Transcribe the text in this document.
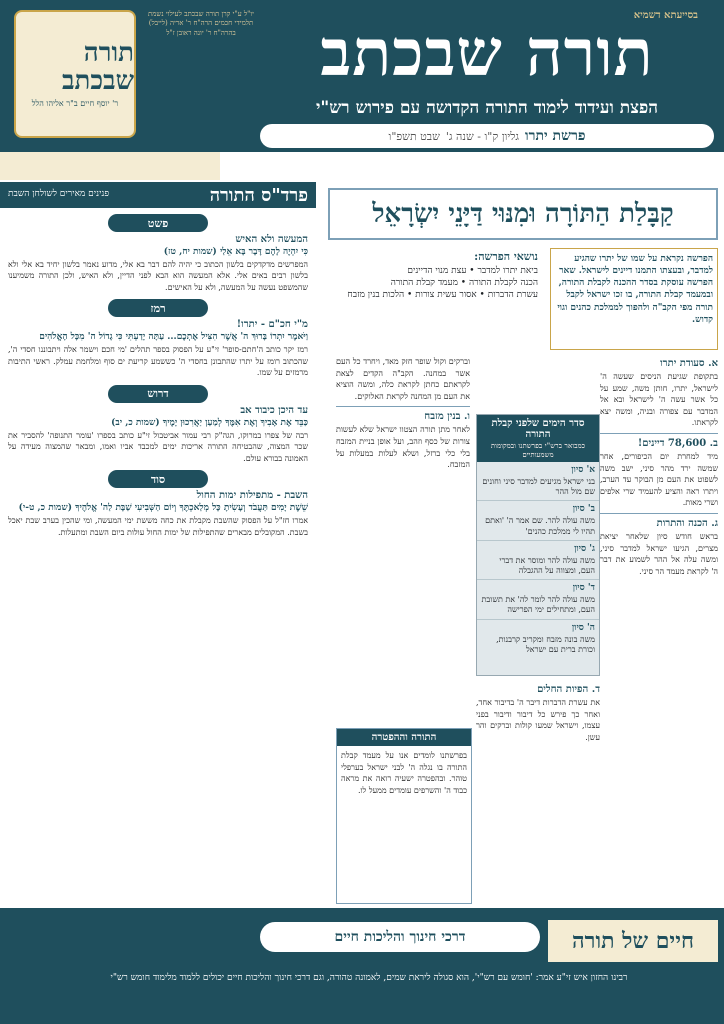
תורה שבכתב
ר' יוסף חיים ב"ר אליהו הלל
יו"ל ע"י קרן תורה שבכתב לעילוי נשמת תלמידי חכמים הרה"ח ר' אריה (לייבל) בהרה"ח ר' יונה ראובן ז"ל
בסייעתא דשמיא
תורה שבכתב
הפצת ועידוד לימוד התורה הקדושה עם פירוש רש"י
פרשת יתרו
גליון ק"ו - שנה ג'
שבט תשפ"ו
פרד"ס התורה
פנינים מאירים לשולחן השבת
פשט
המעשה ולא האיש
כִּי יִהְיֶה לָהֶם דָּבָר בָּא אֵלַי (שמות יח, טז)
המפרשים מדקדקים בלשון הכתוב כי יהיה להם דבר בא אלי, מדוע נאמר בלשון יחיד בא אלי ולא בלשון רבים באים אלי. אלא המעשה הוא הבא לפני הדיין, ולא האיש, ולכן התורה משמיענו שהמשפט נעשה על המעשה, ולא על האישים.
רמז
מ"י חכ"ם - יתרו!
וַיֹּאמֶר יִתְרוֹ בָּרוּךְ ה' אֲשֶׁר הִצִּיל אֶתְכֶם... עַתָּה יָדַעְתִּי כִּי גָדוֹל ה' מִכָּל הָאֱלֹהִים
רמז יקר כותב ה'חתם-סופר' זי"ע על הפסוק בספר תהלים 'מי חכם וישמר אלה ויתבוננו חסדי ה', שהכתוב רומז על יתרו שהתבונן בחסדי ה' כששמע קריעת ים סוף ומלחמת עמלק. ראשי התיבות מרמזים על שמו.
דרוש
עד היכן כיבוד אב
כַּבֵּד אֶת אָבִיךָ וְאֶת אִמֶּךָ לְמַעַן יַאֲרִכוּן יָמֶיךָ (שמות כ, יב)
רבה של צפרו במרוקו, הגה"ק רבי עמור אביטבול זי"ע כותב בספרו 'עומר התנופה' להסביר את שכר המצוה, שהבטיחה התורה אריכות ימים למכבד אביו ואמו, ומבאר שהמצוה מעידה על האמונה בבורא עולם.
סוד
השבת - מתפילות ימות החול
שֵׁשֶׁת יָמִים תַּעֲבֹד וְעָשִׂיתָ כָּל מְלַאכְתֶּךָ וְיוֹם הַשְּׁבִיעִי שַׁבָּת לַה' אֱלֹהֶיךָ (שמות כ, ט-י)
אמרו חז"ל על הפסוק שהשבת מקבלת את כחה מששת ימי המעשה, ומי שהכין בערב שבת יאכל בשבת. המקובלים מבארים שהתפילות של ימות החול עולות ביום השבת ומתעלות.
קַבָּלַת הַתּוֹרָה וּמִנּוּי דַּיָּנֵי יִשְׂרָאֵל
הפרשה נקראת על שמו של יתרו שהגיע למדבר, ובעצתו התמנו דיינים לישראל. שאר הפרשה עוסקת בסדר ההכנה לקבלת התורה, ובמעמד קבלת התורה, בו זכו ישראל לקבל תורה מפי הקב"ה ולהפוך לממלכת כהנים וגוי קדוש.
נושאי הפרשה:
ביאת יתרו למדבר • עצת מנוי הדיינים
הכנה לקבלת התורה • מעמד קבלת התורה
עשרת הדברות • אסור עשית צורות • הלכות בנין מזבח
א. סעודת יתרו
בתקופת שגיעת הניסים שעשה ה' לישראל, יתרו, חותן משה, שמע על כל אשר עשה ה' לישראל ובא אל המדבר עם צפורה ובניה, ומשה יצא לקראתו.
ב. 78,600 דיינים!
מיד למחרת יום הכיפורים, אחר שמשה ירד מהר סיני, ישב משה לשפוט את העם מן הבוקר עד הערב, ויתרו ראה והציע להעמיד שרי אלפים ושרי מאות.
ג. הכנה והתרות
בראש חודש סיון שלאחר יציאת מצרים, הגיעו ישראל למדבר סיני, ומשה עלה אל ההר לשמוע את דבר ה' לקראת מעמד הר סיני.
סדר הימים שלפני קבלת התורה
כמבואר ברש"י בפרשתנו ובמקומות משמעותיים
א' סיון
בני ישראל מגיעים למדבר סיני וחונים שם מול ההר
ב' סיון
משה עולה להר. שם אמר ה' 'ואתם תהיו לי ממלכת כהנים'
ג' סיון
משה עולה להר ומוסר את דברי העם, ומצווה על ההגבלה
ד' סיון
משה עולה להר לומר לה' את תשובת העם, ומתחילים ימי הפרישה
ה' סיון
משה בונה מזבח ומקריב קרבנות, וכורת ברית עם ישראל
ד. הפיות החלים
את עשרת הדברות דיבר ה' בדיבור אחד, ואחר כך פירש כל דיבור ודיבור בפני עצמו, וישראל שמעו קולות וברקים והר עשן.
וברקים וקול שופר חזק מאד, ויחרד כל העם אשר במחנה. הקב"ה הקדים לצאת לקראתם כחתן לקראת כלה, ומשה הוציא את העם מן המחנה לקראת האלוקים.
ו. בנין מזבח
לאחר מתן תורה הצטוו ישראל שלא לעשות צורות של כסף וזהב, ועל אופן בניית המזבח בלי כלי ברזל, ושלא לעלות במעלות על המזבח.
התורה וההפטרה
בפרשתנו לומדים אנו על מעמד קבלת התורה בו נגלה ה' לבני ישראל בערפלי טוהר. ובהפטרה ישעיה רואה את מראה כבוד ה' והשרפים עומדים ממעל לו.
חיים של תורה
דרכי חינוך והליכות חיים
רבינו החזון איש זי"ע אמר: 'חומש עם רש"י', הוא סגולה ליראת שמים, לאמונה טהורה, וגם דרכי חינוך והליכות חיים יכולים ללמוד מלימוד חומש רש"י
